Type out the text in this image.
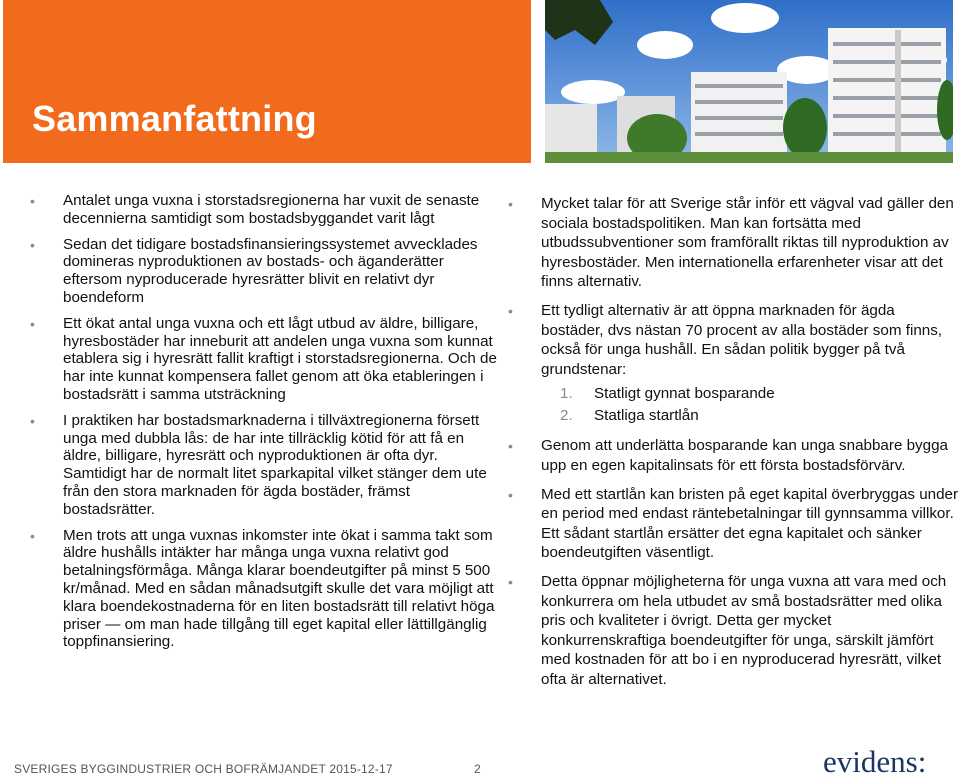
Sammanfattning
• Antalet unga vuxna i storstadsregionerna har vuxit de senaste decennierna samtidigt som bostadsbyggandet varit lågt
• Sedan det tidigare bostadsfinansieringssystemet avvecklades domineras nyproduktionen av bostads- och äganderätter eftersom nyproducerade hyresrätter blivit en relativt dyr boendeform
• Ett ökat antal unga vuxna och ett lågt utbud av äldre, billigare, hyresbostäder har inneburit att andelen unga vuxna som kunnat etablera sig i hyresrätt fallit kraftigt i storstadsregionerna. Och de har inte kunnat kompensera fallet genom att öka etableringen i bostadsrätt i samma utsträckning
• I praktiken har bostadsmarknaderna i tillväxtregionerna försett unga med dubbla lås: de har inte tillräcklig kötid för att få en äldre, billigare, hyresrätt och nyproduktionen är ofta dyr. Samtidigt har de normalt litet sparkapital vilket stänger dem ute från den stora marknaden för ägda bostäder, främst bostadsrätter.
• Men trots att unga vuxnas inkomster inte ökat i samma takt som äldre hushålls intäkter har många unga vuxna relativt god betalningsförmåga. Många klarar boendeutgifter på minst 5 500 kr/månad. Med en sådan månadsutgift skulle det vara möjligt att klara boendekostnaderna för en liten bostadsrätt till relativt höga priser — om man hade tillgång till eget kapital eller lättillgänglig toppfinansiering.
• Mycket talar för att Sverige står inför ett vägval vad gäller den sociala bostadspolitiken. Man kan fortsätta med utbudssubventioner som framförallt riktas till nyproduktion av hyresbostäder. Men internationella erfarenheter visar att det finns alternativ.
• Ett tydligt alternativ är att öppna marknaden för ägda bostäder, dvs nästan 70 procent av alla bostäder som finns, också för unga hushåll. En sådan politik bygger på två grundstenar:
1. Statligt gynnat bosparande
2. Statliga startlån
• Genom att underlätta bosparande kan unga snabbare bygga upp en egen kapitalinsats för ett första bostadsförvärv.
• Med ett startlån kan bristen på eget kapital överbryggas under en period med endast räntebetalningar till gynnsamma villkor. Ett sådant startlån ersätter det egna kapitalet och sänker boendeutgiften väsentligt.
• Detta öppnar möjligheterna för unga vuxna att vara med och konkurrera om hela utbudet av små bostadsrätter med olika pris och kvaliteter i övrigt. Detta ger mycket konkurrenskraftiga boendeutgifter för unga, särskilt jämfört med kostnaden för att bo i en nyproducerad hyresrätt, vilket ofta är alternativet.
SVERIGES BYGGINDUSTRIER OCH BOFRÄMJANDET 2015-12-17	2	evidens:
